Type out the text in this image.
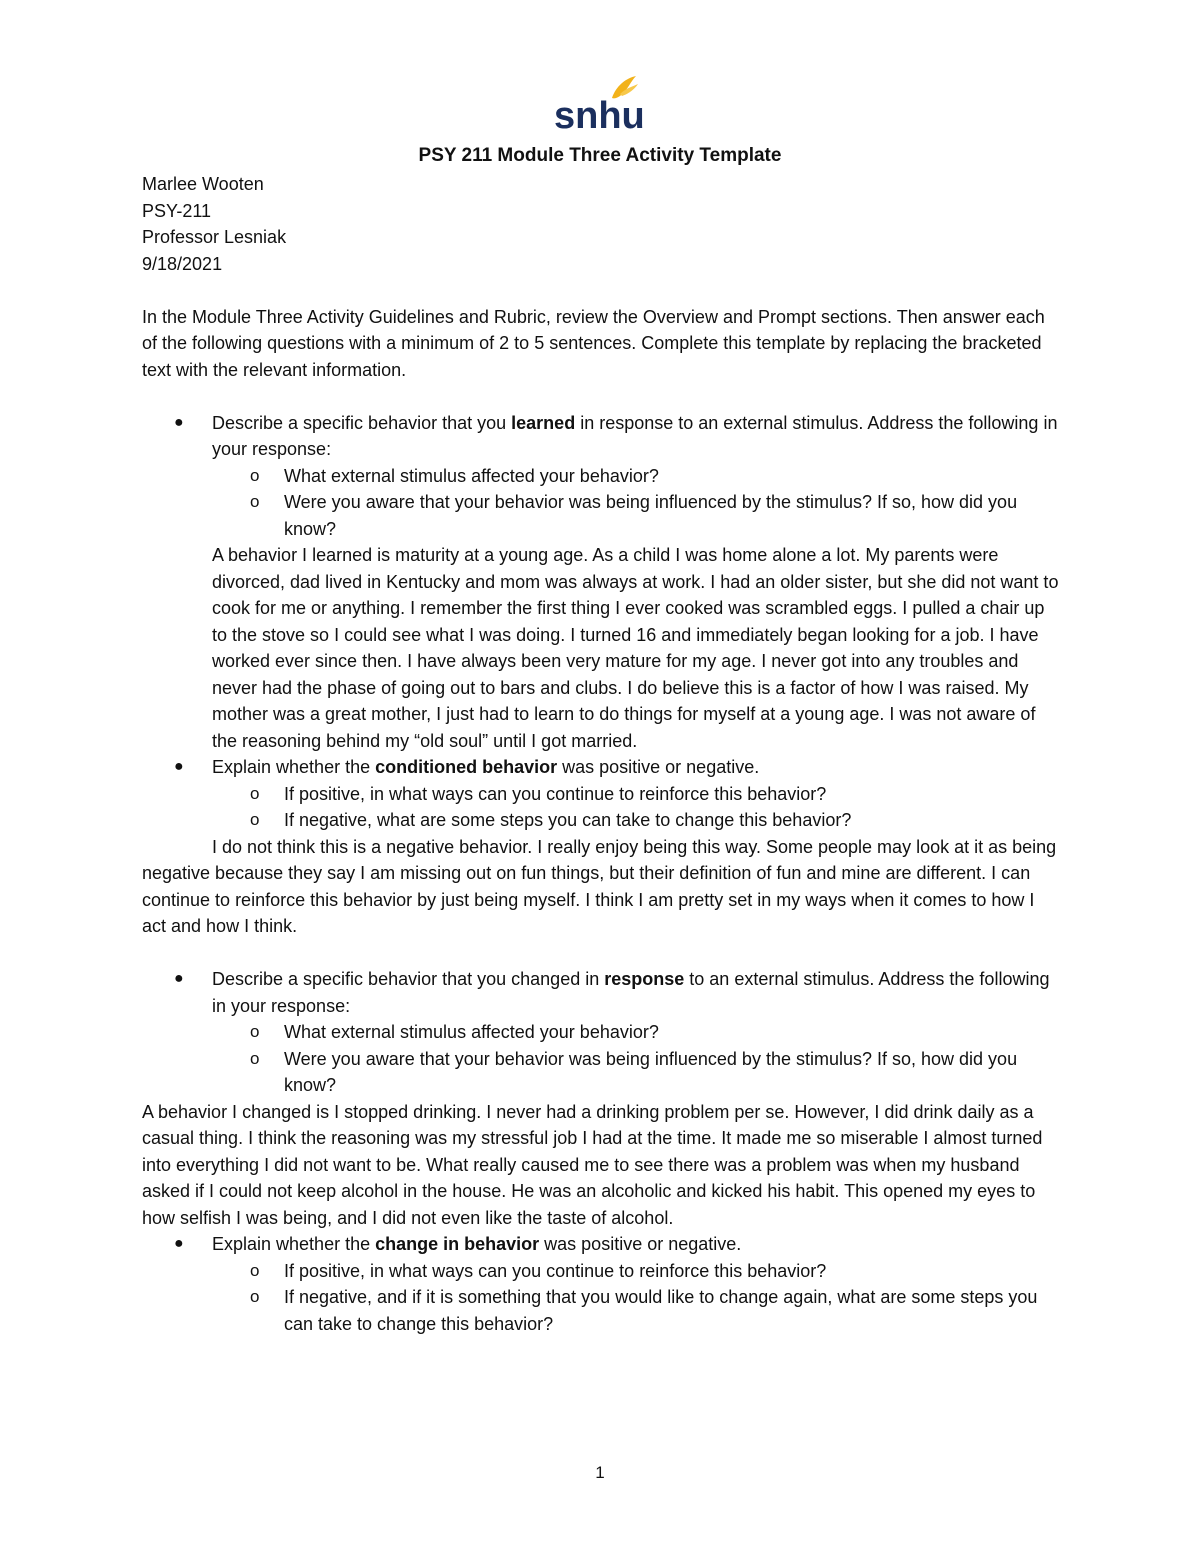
snhu
PSY 211 Module Three Activity Template

Marlee Wooten

PSY-211

Professor Lesniak

9/18/2021

In the Module Three Activity Guidelines and Rubric, review the Overview and Prompt sections. Then answer each of the following questions with a minimum of 2 to 5 sentences. Complete this template by replacing the bracketed text with the relevant information.

● Describe a specific behavior that you learned in response to an external stimulus. Address the following in your response:
o What external stimulus affected your behavior?
o Were you aware that your behavior was being influenced by the stimulus? If so, how did you know?

A behavior I learned is maturity at a young age. As a child I was home alone a lot. My parents were divorced, dad lived in Kentucky and mom was always at work. I had an older sister, but she did not want to cook for me or anything. I remember the first thing I ever cooked was scrambled eggs. I pulled a chair up to the stove so I could see what I was doing. I turned 16 and immediately began looking for a job. I have worked ever since then. I have always been very mature for my age. I never got into any troubles and never had the phase of going out to bars and clubs. I do believe this is a factor of how I was raised. My mother was a great mother, I just had to learn to do things for myself at a young age. I was not aware of the reasoning behind my “old soul” until I got married.

● Explain whether the conditioned behavior was positive or negative.
o If positive, in what ways can you continue to reinforce this behavior?
o If negative, what are some steps you can take to change this behavior?

I do not think this is a negative behavior. I really enjoy being this way. Some people may look at it as being negative because they say I am missing out on fun things, but their definition of fun and mine are different. I can continue to reinforce this behavior by just being myself. I think I am pretty set in my ways when it comes to how I act and how I think.

● Describe a specific behavior that you changed in response to an external stimulus. Address the following in your response:
o What external stimulus affected your behavior?
o Were you aware that your behavior was being influenced by the stimulus? If so, how did you know?

A behavior I changed is I stopped drinking. I never had a drinking problem per se. However, I did drink daily as a casual thing. I think the reasoning was my stressful job I had at the time. It made me so miserable I almost turned into everything I did not want to be. What really caused me to see there was a problem was when my husband asked if I could not keep alcohol in the house. He was an alcoholic and kicked his habit. This opened my eyes to how selfish I was being, and I did not even like the taste of alcohol.

● Explain whether the change in behavior was positive or negative.
o If positive, in what ways can you continue to reinforce this behavior?
o If negative, and if it is something that you would like to change again, what are some steps you can take to change this behavior?
1
